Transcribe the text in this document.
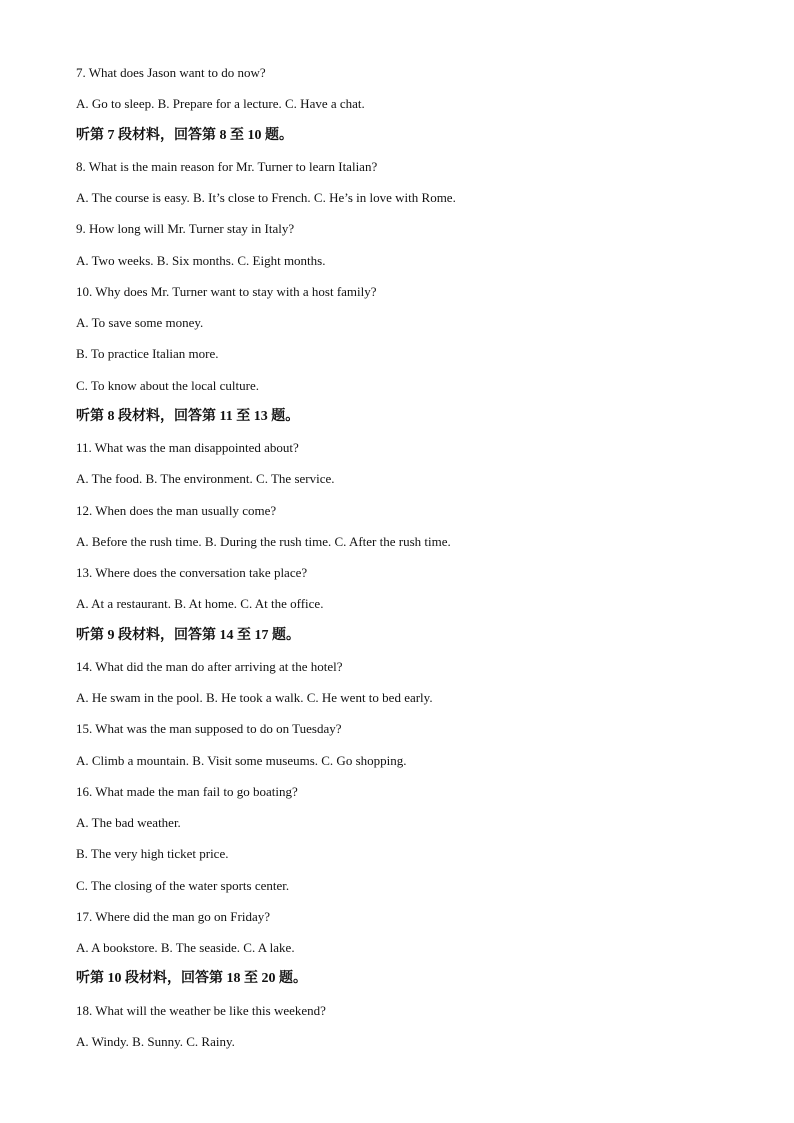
7. What does Jason want to do now?
A. Go to sleep. B. Prepare for a lecture. C. Have a chat.
听第 7 段材料，回答第 8 至 10 题。
8. What is the main reason for Mr. Turner to learn Italian?
A. The course is easy. B. It’s close to French. C. He’s in love with Rome.
9. How long will Mr. Turner stay in Italy?
A. Two weeks. B. Six months. C. Eight months.
10. Why does Mr. Turner want to stay with a host family?
A. To save some money.
B. To practice Italian more.
C. To know about the local culture.
听第 8 段材料，回答第 11 至 13 题。
11. What was the man disappointed about?
A. The food. B. The environment. C. The service.
12. When does the man usually come?
A. Before the rush time. B. During the rush time. C. After the rush time.
13. Where does the conversation take place?
A. At a restaurant. B. At home. C. At the office.
听第 9 段材料，回答第 14 至 17 题。
14. What did the man do after arriving at the hotel?
A. He swam in the pool. B. He took a walk. C. He went to bed early.
15. What was the man supposed to do on Tuesday?
A. Climb a mountain. B. Visit some museums. C. Go shopping.
16. What made the man fail to go boating?
A. The bad weather.
B. The very high ticket price.
C. The closing of the water sports center.
17. Where did the man go on Friday?
A. A bookstore. B. The seaside. C. A lake.
听第 10 段材料，回答第 18 至 20 题。
18. What will the weather be like this weekend?
A. Windy. B. Sunny. C. Rainy.
